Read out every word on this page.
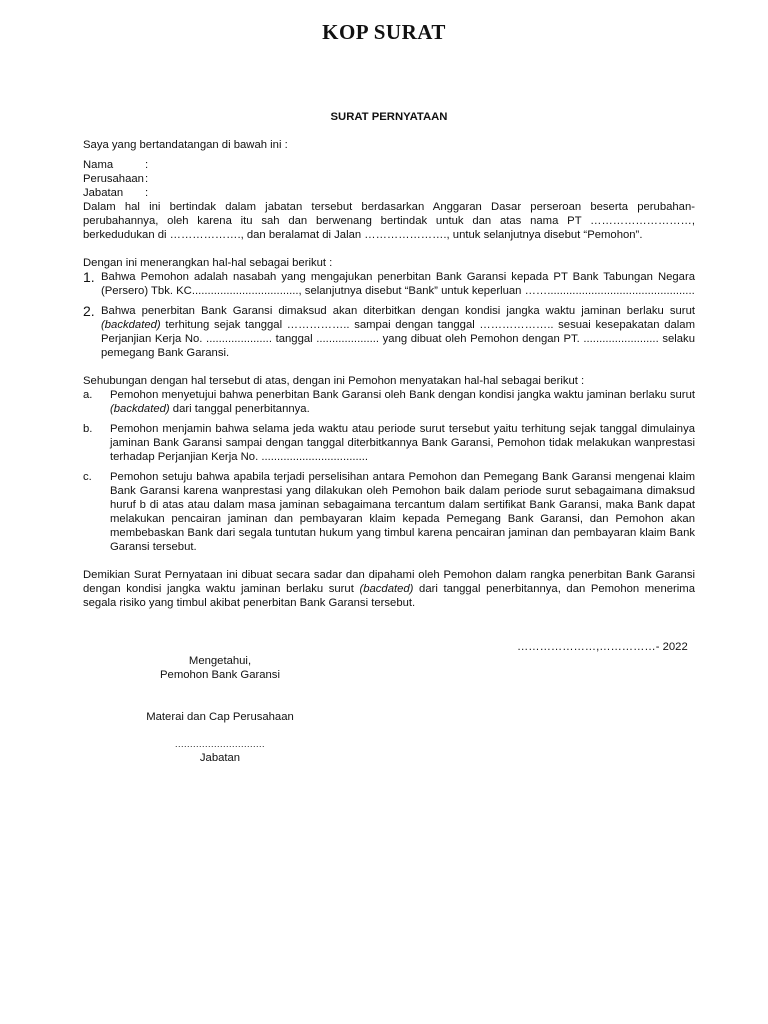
KOP SURAT

SURAT PERNYATAAN

Saya yang bertandatangan di bawah ini :

Nama	:
Perusahaan :
Jabatan	:

Dalam hal ini bertindak dalam jabatan tersebut berdasarkan Anggaran Dasar perseroan beserta perubahan-perubahannya, oleh karena itu sah dan berwenang bertindak untuk dan atas nama PT ………………………, berkedudukan di ………………., dan beralamat di Jalan …………………., untuk selanjutnya disebut “Pemohon”.

Dengan ini menerangkan hal-hal sebagai berikut :

1. Bahwa Pemohon adalah nasabah yang mengajukan penerbitan Bank Garansi kepada PT Bank Tabungan Negara (Persero) Tbk. KC.................................., selanjutnya disebut “Bank” untuk keperluan ……...............................................
2. Bahwa penerbitan Bank Garansi dimaksud akan diterbitkan dengan kondisi jangka waktu jaminan berlaku surut (backdated) terhitung sejak tanggal …………….. sampai dengan tanggal ……………….. sesuai kesepakatan dalam Perjanjian Kerja No. ..................... tanggal .................... yang dibuat oleh Pemohon dengan PT. ........................ selaku pemegang Bank Garansi.

Sehubungan dengan hal tersebut di atas, dengan ini Pemohon menyatakan hal-hal sebagai berikut :

a.	Pemohon menyetujui bahwa penerbitan Bank Garansi oleh Bank dengan kondisi jangka waktu jaminan berlaku surut (backdated) dari tanggal penerbitannya.
b.	Pemohon menjamin bahwa selama jeda waktu atau periode surut tersebut yaitu terhitung sejak tanggal dimulainya jaminan Bank Garansi sampai dengan tanggal diterbitkannya Bank Garansi, Pemohon tidak melakukan wanprestasi terhadap Perjanjian Kerja No. ..................................
c.	Pemohon setuju bahwa apabila terjadi perselisihan antara Pemohon dan Pemegang Bank Garansi mengenai klaim Bank Garansi karena wanprestasi yang dilakukan oleh Pemohon baik dalam periode surut sebagaimana dimaksud huruf b di atas atau dalam masa jaminan sebagaimana tercantum dalam sertifikat Bank Garansi, maka Bank dapat melakukan pencairan jaminan dan pembayaran klaim kepada Pemegang Bank Garansi, dan Pemohon akan membebaskan Bank dari segala tuntutan hukum yang timbul karena pencairan jaminan dan pembayaran klaim Bank Garansi tersebut.

Demikian Surat Pernyataan ini dibuat secara sadar dan dipahami oleh Pemohon dalam rangka penerbitan Bank Garansi dengan kondisi jangka waktu jaminan berlaku surut (bacdated) dari tanggal penerbitannya, dan Pemohon menerima segala risiko yang timbul akibat penerbitan Bank Garansi tersebut.

…………………,……………- 2022
Mengetahui,
Pemohon Bank Garansi
Materai dan Cap Perusahaan
..............................
Jabatan
